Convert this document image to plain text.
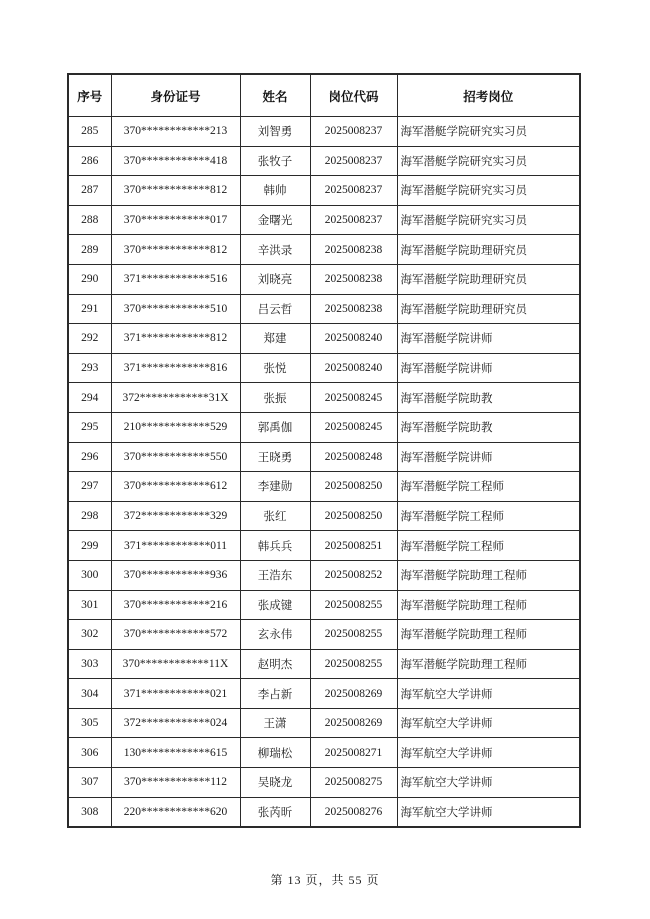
序号	身份证号	姓名	岗位代码	招考岗位
285	370************213	刘智勇	2025008237	海军潜艇学院研究实习员
286	370************418	张牧子	2025008237	海军潜艇学院研究实习员
287	370************812	韩帅	2025008237	海军潜艇学院研究实习员
288	370************017	金曙光	2025008237	海军潜艇学院研究实习员
289	370************812	辛洪录	2025008238	海军潜艇学院助理研究员
290	371************516	刘晓亮	2025008238	海军潜艇学院助理研究员
291	370************510	吕云哲	2025008238	海军潜艇学院助理研究员
292	371************812	郑建	2025008240	海军潜艇学院讲师
293	371************816	张悦	2025008240	海军潜艇学院讲师
294	372************31X	张振	2025008245	海军潜艇学院助教
295	210************529	郭禹伽	2025008245	海军潜艇学院助教
296	370************550	王晓勇	2025008248	海军潜艇学院讲师
297	370************612	李建勋	2025008250	海军潜艇学院工程师
298	372************329	张红	2025008250	海军潜艇学院工程师
299	371************011	韩兵兵	2025008251	海军潜艇学院工程师
300	370************936	王浩东	2025008252	海军潜艇学院助理工程师
301	370************216	张成键	2025008255	海军潜艇学院助理工程师
302	370************572	玄永伟	2025008255	海军潜艇学院助理工程师
303	370************11X	赵明杰	2025008255	海军潜艇学院助理工程师
304	371************021	李占新	2025008269	海军航空大学讲师
305	372************024	王潇	2025008269	海军航空大学讲师
306	130************615	柳瑞松	2025008271	海军航空大学讲师
307	370************112	吴晓龙	2025008275	海军航空大学讲师
308	220************620	张芮昕	2025008276	海军航空大学讲师
第 13 页，共 55 页
